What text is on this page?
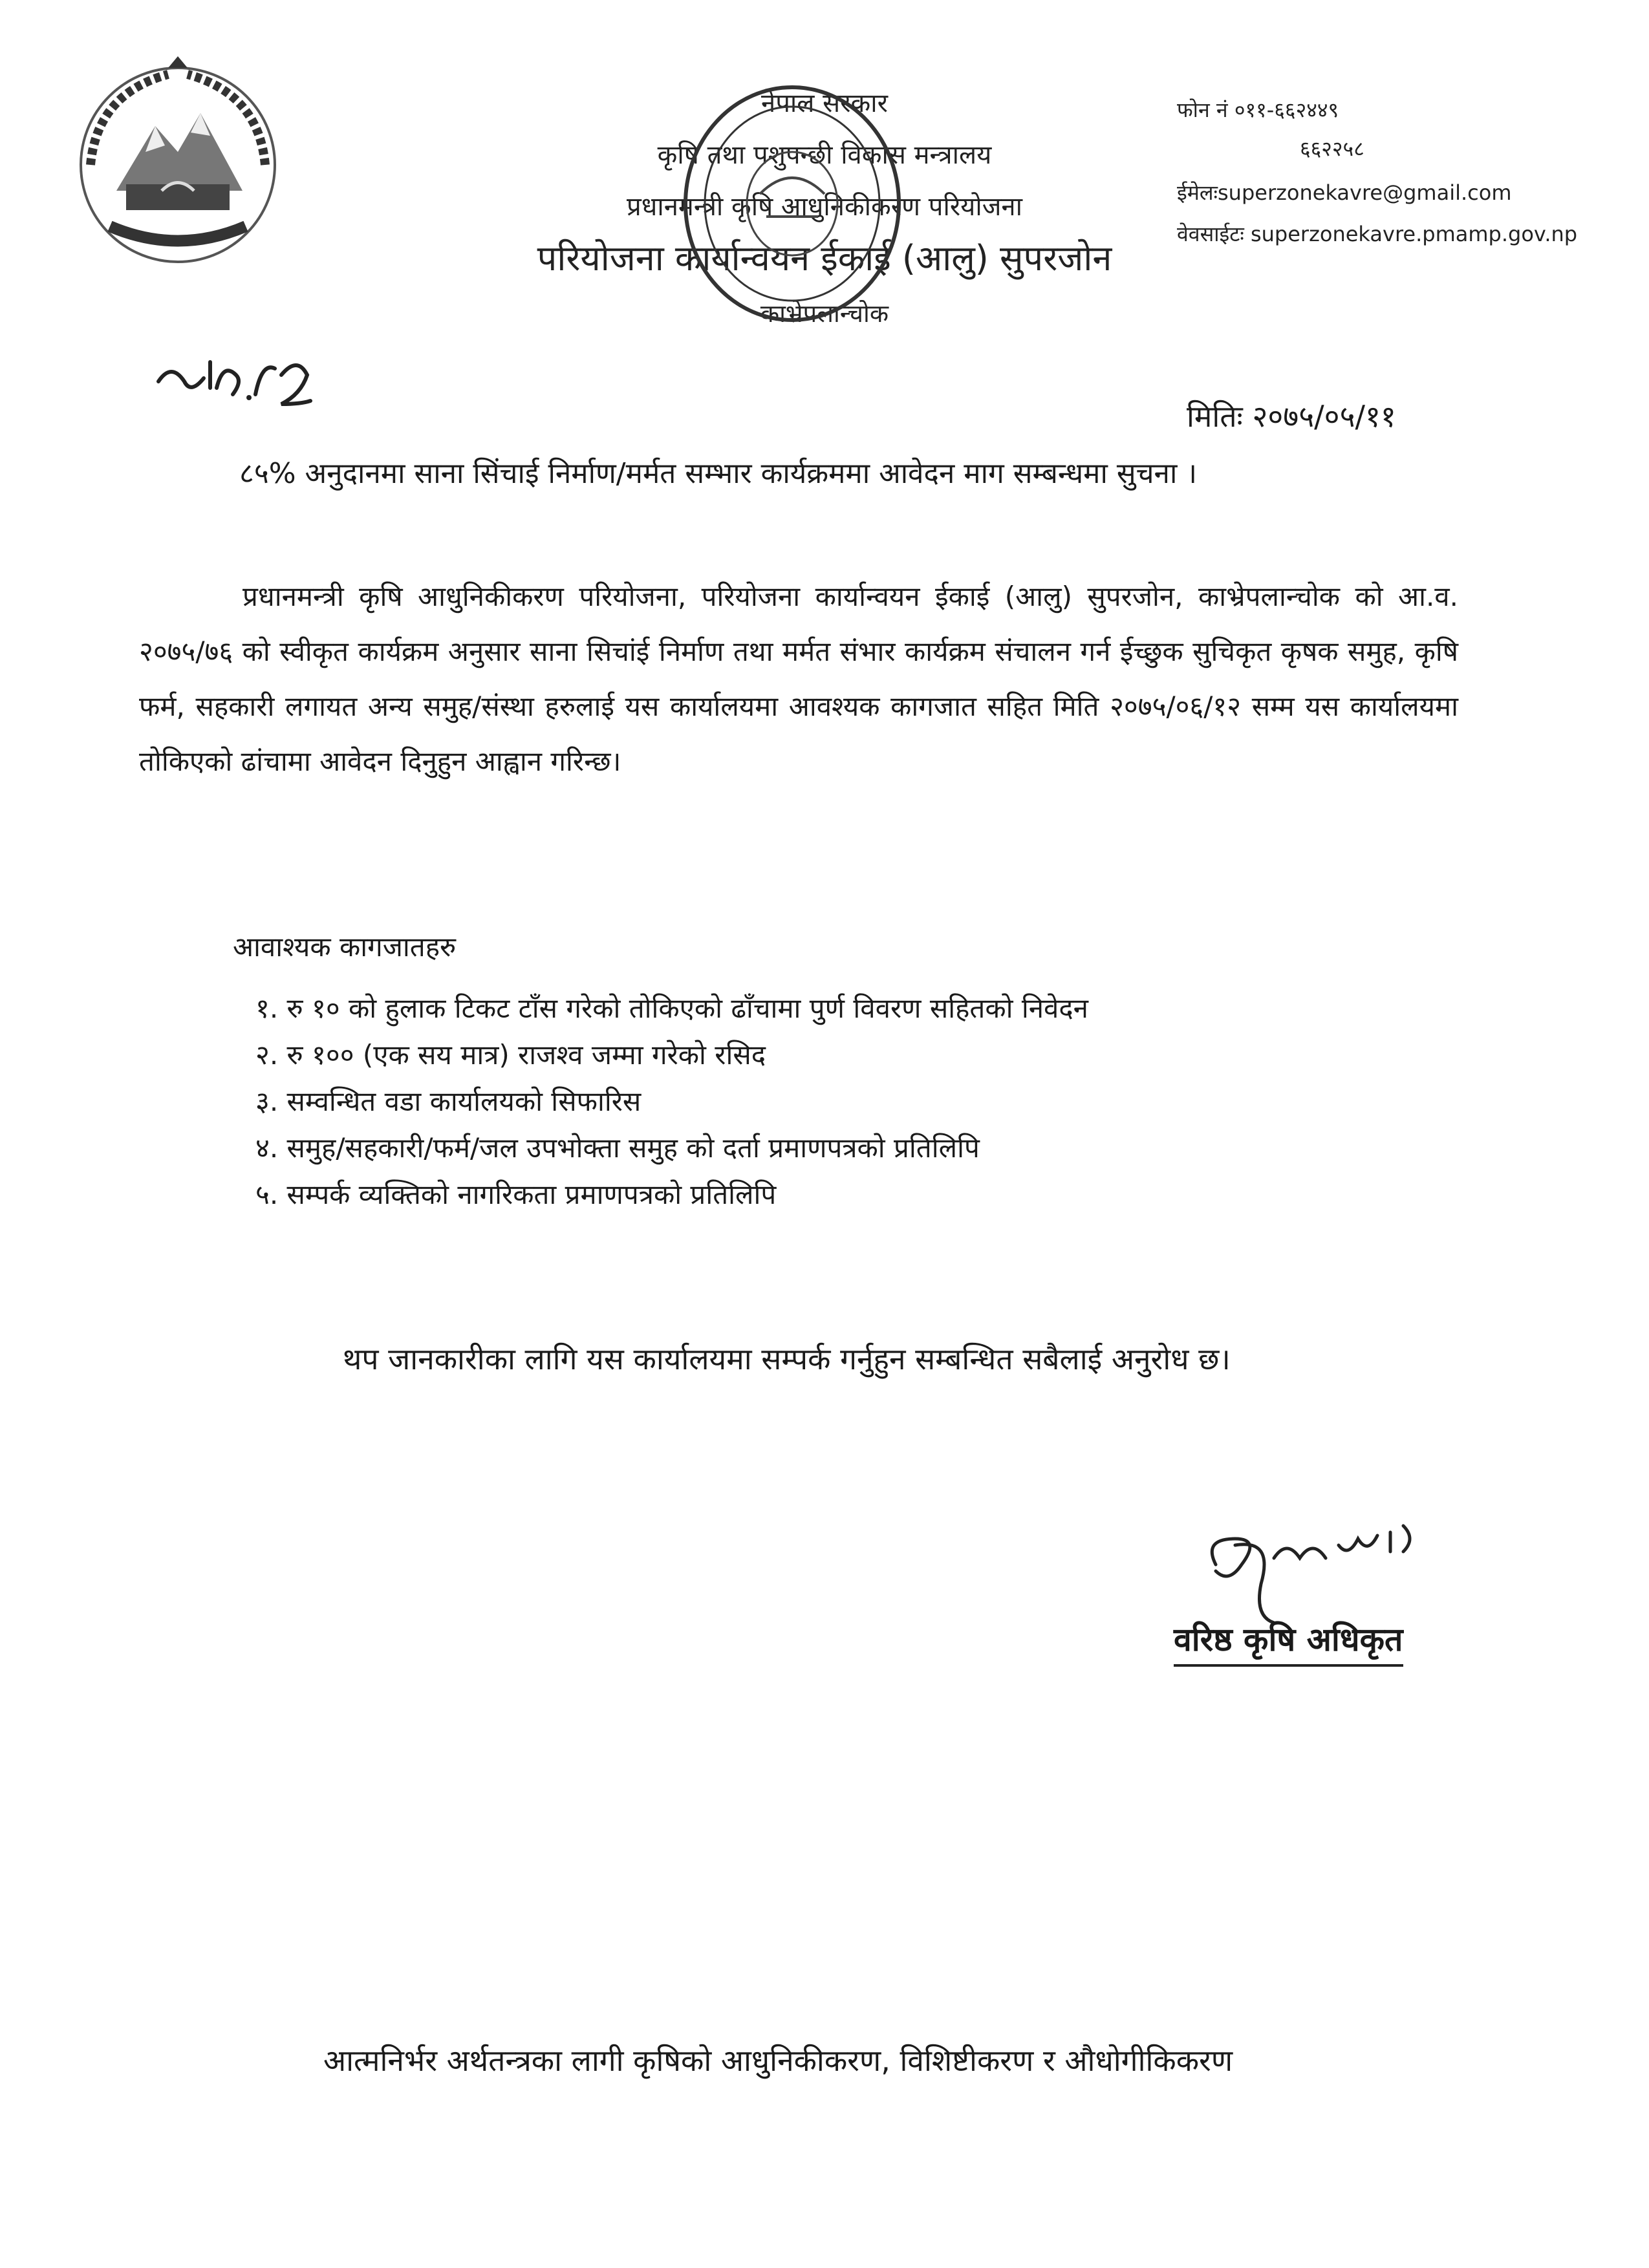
नेपाल सरकार
कृषि तथा पशुपन्छी विकास मन्त्रालय
प्रधानमन्त्री कृषि आधुनिकीकरण परियोजना
परियोजना कार्यान्वयन ईकाई (आलु) सुपरजोन
काभ्रेपलान्चोक
फोन नं ०११-६६२४४९
६६२२५८
ईमेलःsuperzonekavre@gmail.com
वेवसाईटः superzonekavre.pmamp.gov.np
मितिः २०७५/०५/११
८५% अनुदानमा साना सिंचाई निर्माण/मर्मत सम्भार कार्यक्रममा आवेदन माग सम्बन्धमा सुचना ।
प्रधानमन्त्री कृषि आधुनिकीकरण परियोजना, परियोजना कार्यान्वयन ईकाई (आलु) सुपरजोन, काभ्रेपलान्चोक को आ.व. २०७५/७६ को स्वीकृत कार्यक्रम अनुसार साना सिचांई निर्माण तथा मर्मत संभार कार्यक्रम संचालन गर्न ईच्छुक सुचिकृत कृषक समुह, कृषि फर्म, सहकारी लगायत अन्य समुह/संस्था हरुलाई यस कार्यालयमा आवश्यक कागजात सहित मिति २०७५/०६/१२ सम्म यस कार्यालयमा तोकिएको ढांचामा आवेदन दिनुहुन आह्वान गरिन्छ।
आवाश्यक कागजातहरु
१. रु १० को हुलाक टिकट टाँस गरेको तोकिएको ढाँचामा पुर्ण विवरण सहितको निवेदन
२. रु १०० (एक सय मात्र) राजश्व जम्मा गरेको रसिद
३. सम्वन्धित वडा कार्यालयको सिफारिस
४. समुह/सहकारी/फर्म/जल उपभोक्ता समुह को दर्ता प्रमाणपत्रको प्रतिलिपि
५. सम्पर्क व्यक्तिको नागरिकता प्रमाणपत्रको प्रतिलिपि
थप जानकारीका लागि यस कार्यालयमा सम्पर्क गर्नुहुन सम्बन्धित सबैलाई अनुरोध छ।
वरिष्ठ कृषि अधिकृत
आत्मनिर्भर अर्थतन्त्रका लागी कृषिको आधुनिकीकरण, विशिष्टीकरण र औधोगीकिकरण
